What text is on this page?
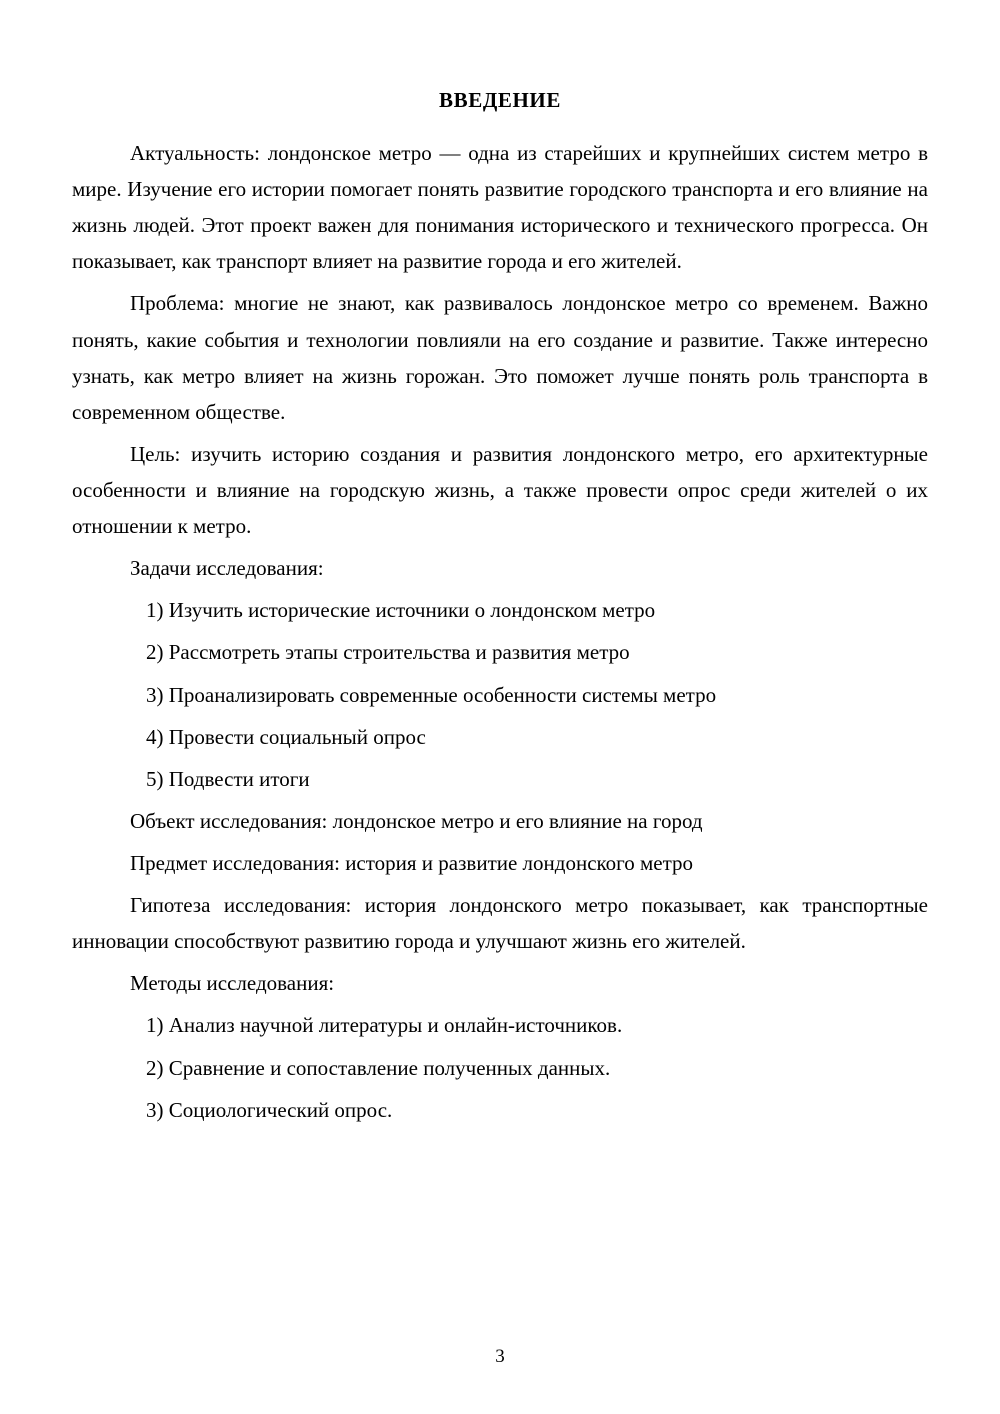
ВВЕДЕНИЕ

Актуальность: лондонское метро — одна из старейших и крупнейших систем метро в мире. Изучение его истории помогает понять развитие городского транспорта и его влияние на жизнь людей. Этот проект важен для понимания исторического и технического прогресса. Он показывает, как транспорт влияет на развитие города и его жителей.

Проблема: многие не знают, как развивалось лондонское метро со временем. Важно понять, какие события и технологии повлияли на его создание и развитие. Также интересно узнать, как метро влияет на жизнь горожан. Это поможет лучше понять роль транспорта в современном обществе.

Цель: изучить историю создания и развития лондонского метро, его архитектурные особенности и влияние на городскую жизнь, а также провести опрос среди жителей о их отношении к метро.

Задачи исследования:

1) Изучить исторические источники о лондонском метро

2) Рассмотреть этапы строительства и развития метро

3) Проанализировать современные особенности системы метро

4) Провести социальный опрос

5) Подвести итоги

Объект исследования: лондонское метро и его влияние на город

Предмет исследования: история и развитие лондонского метро

Гипотеза исследования: история лондонского метро показывает, как транспортные инновации способствуют развитию города и улучшают жизнь его жителей.

Методы исследования:

1) Анализ научной литературы и онлайн-источников.

2) Сравнение и сопоставление полученных данных.

3) Социологический опрос.

3
